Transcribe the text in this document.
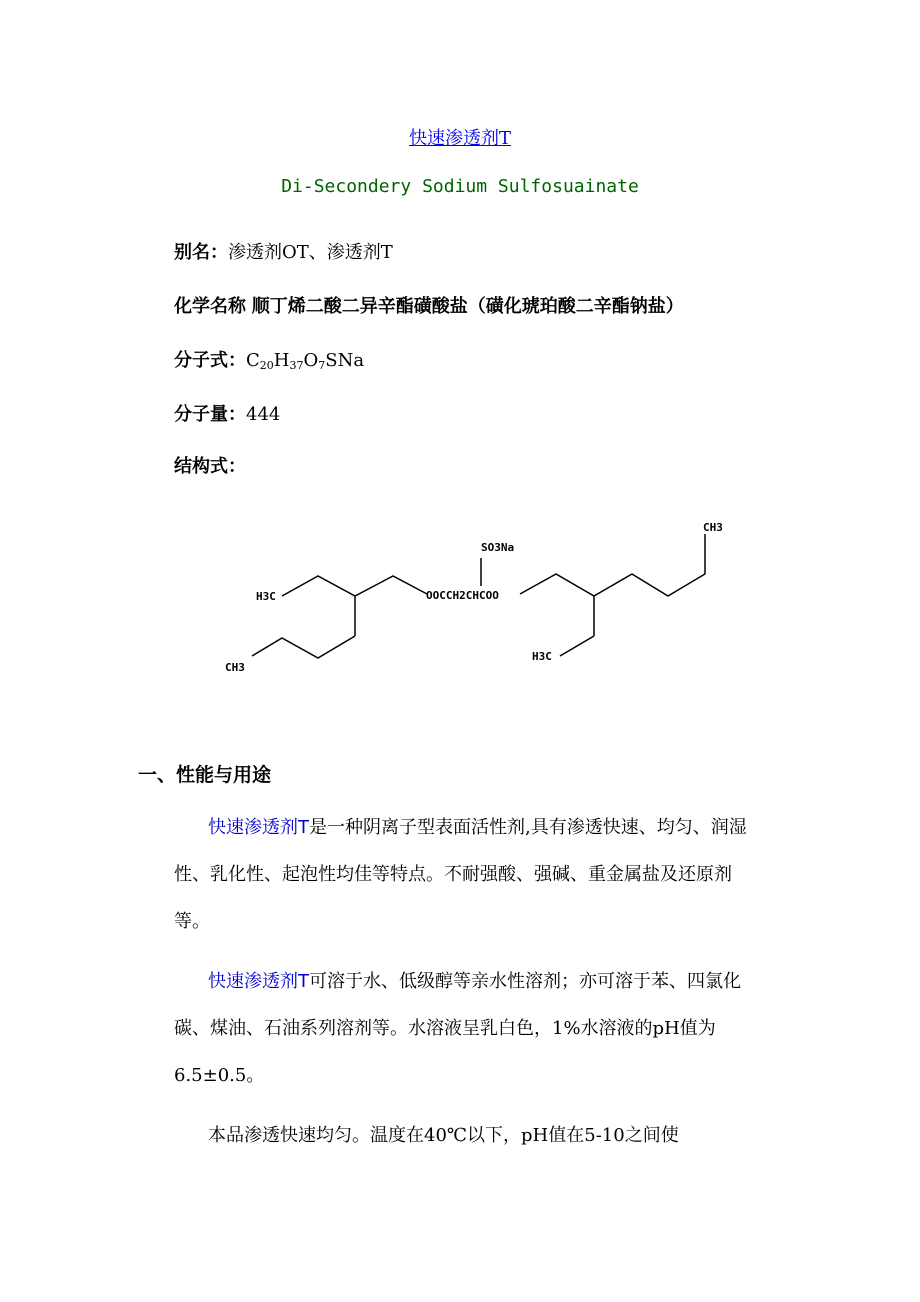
快速渗透剂T
Di-Secondery Sodium Sulfosuainate
别名：渗透剂OT、渗透剂T
化学名称 顺丁烯二酸二异辛酯磺酸盐（磺化琥珀酸二辛酯钠盐）
分子式：$C_{20}H_{37}O_7SNa$
分子量：444
结构式：
CH3
SO3Na
H3C	OOCCH2CHCOO
CH3
H3C
一、性能与用途
快速渗透剂T是一种阴离子型表面活性剂,具有渗透快速、均匀、润湿性、乳化性、起泡性均佳等特点。不耐强酸、强碱、重金属盐及还原剂等。
快速渗透剂T可溶于水、低级醇等亲水性溶剂；亦可溶于苯、四氯化碳、煤油、石油系列溶剂等。水溶液呈乳白色，1%水溶液的pH值为6.5±0.5。
本品渗透快速均匀。温度在40℃以下，pH值在5-10之间使
